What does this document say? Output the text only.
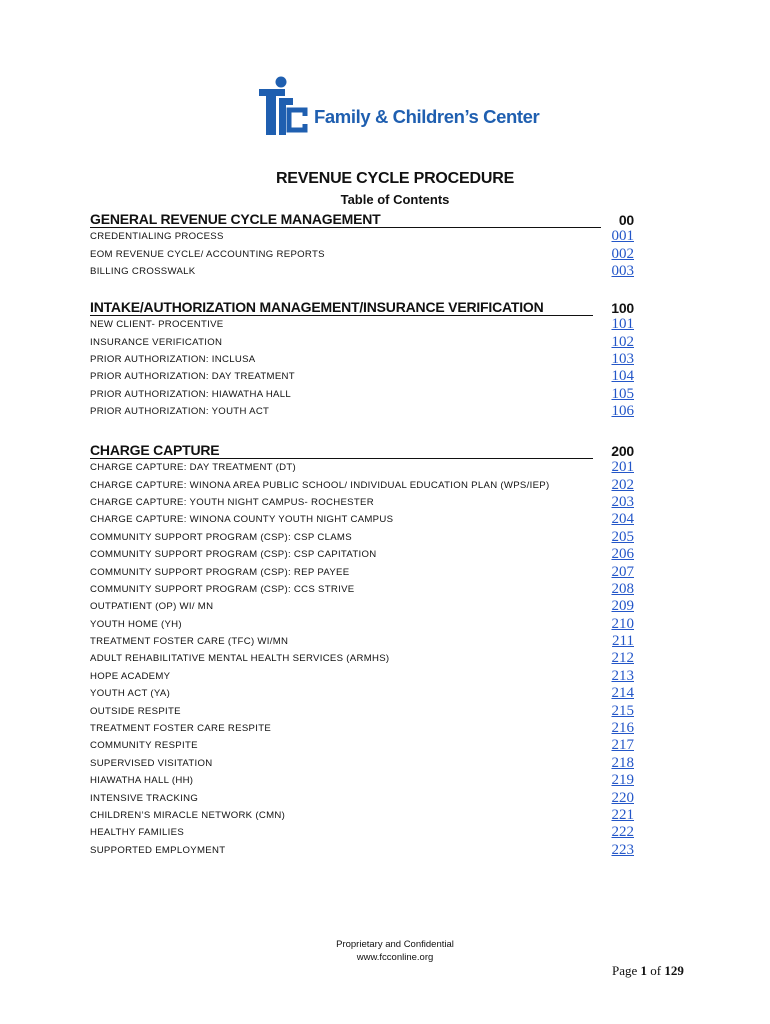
Family & Children’s Center
REVENUE CYCLE PROCEDURE
Table of Contents
GENERAL REVENUE CYCLE MANAGEMENT	00
CREDENTIALING PROCESS	001
EOM REVENUE CYCLE/ ACCOUNTING REPORTS	002
BILLING CROSSWALK	003
INTAKE/AUTHORIZATION MANAGEMENT/INSURANCE VERIFICATION	100
NEW CLIENT- PROCENTIVE	101
INSURANCE VERIFICATION	102
PRIOR AUTHORIZATION: INCLUSA	103
PRIOR AUTHORIZATION: DAY TREATMENT	104
PRIOR AUTHORIZATION: HIAWATHA HALL	105
PRIOR AUTHORIZATION: YOUTH ACT	106
CHARGE CAPTURE	200
CHARGE CAPTURE: DAY TREATMENT (DT)	201
CHARGE CAPTURE: WINONA AREA PUBLIC SCHOOL/ INDIVIDUAL EDUCATION PLAN (WPS/IEP)	202
CHARGE CAPTURE: YOUTH NIGHT CAMPUS- ROCHESTER	203
CHARGE CAPTURE: WINONA COUNTY YOUTH NIGHT CAMPUS	204
COMMUNITY SUPPORT PROGRAM (CSP): CSP CLAMS	205
COMMUNITY SUPPORT PROGRAM (CSP): CSP CAPITATION	206
COMMUNITY SUPPORT PROGRAM (CSP): REP PAYEE	207
COMMUNITY SUPPORT PROGRAM (CSP): CCS STRIVE	208
OUTPATIENT (OP) WI/ MN	209
YOUTH HOME (YH)	210
TREATMENT FOSTER CARE (TFC) WI/MN	211
ADULT REHABILITATIVE MENTAL HEALTH SERVICES (ARMHS)	212
HOPE ACADEMY	213
YOUTH ACT (YA)	214
OUTSIDE RESPITE	215
TREATMENT FOSTER CARE RESPITE	216
COMMUNITY RESPITE	217
SUPERVISED VISITATION	218
HIAWATHA HALL (HH)	219
INTENSIVE TRACKING	220
CHILDREN’S MIRACLE NETWORK (CMN)	221
HEALTHY FAMILIES	222
SUPPORTED EMPLOYMENT	223
Proprietary and Confidential
www.fcconline.org
Page 1 of 129
